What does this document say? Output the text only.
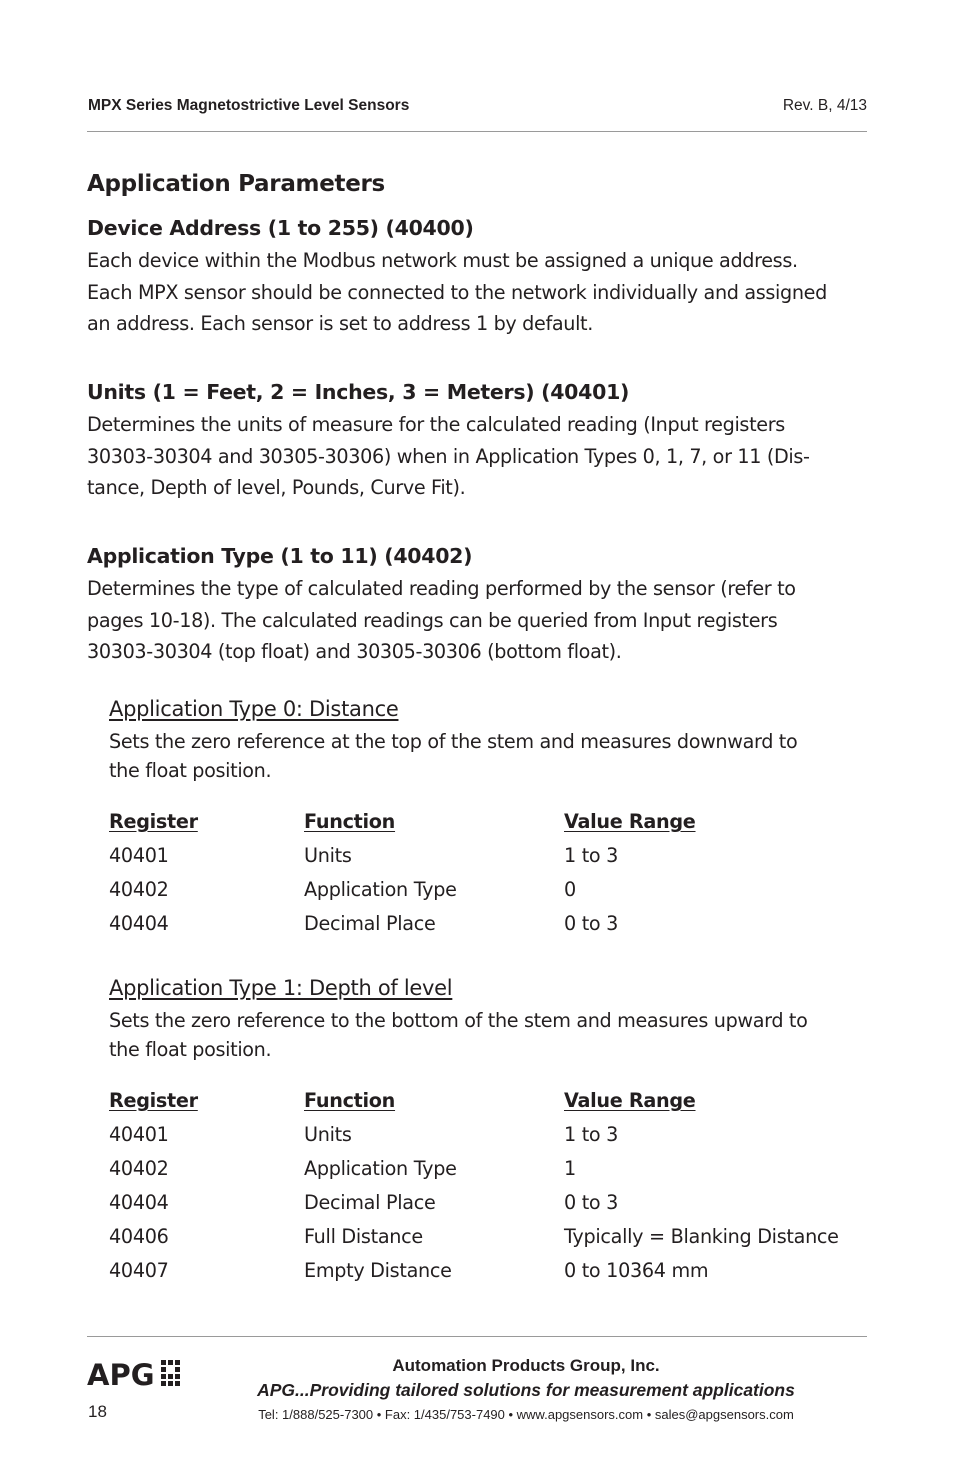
MPX Series Magnetostrictive Level Sensors	Rev. B, 4/13
Application Parameters
Device Address (1 to 255) (40400)

Each device within the Modbus network must be assigned a unique address.

Each MPX sensor should be connected to the network individually and assigned

an address. Each sensor is set to address 1 by default.

Units (1 = Feet, 2 = Inches, 3 = Meters) (40401)

Determines the units of measure for the calculated reading (Input registers

30303-30304 and 30305-30306) when in Application Types 0, 1, 7, or 11 (Dis-

tance, Depth of level, Pounds, Curve Fit).

Application Type (1 to 11) (40402)

Determines the type of calculated reading performed by the sensor (refer to

pages 10-18). The calculated readings can be queried from Input registers

30303-30304 (top float) and 30305-30306 (bottom float).

Application Type 0: Distance

Sets the zero reference at the top of the stem and measures downward to

the float position.

Register	Function	Value Range
40401	Units	1 to 3
40402	Application Type	0
40404	Decimal Place	0 to 3
Application Type 1: Depth of level

Sets the zero reference to the bottom of the stem and measures upward to

the float position.

Register	Function	Value Range
40401	Units	1 to 3
40402	Application Type	1
40404	Decimal Place	0 to 3
40406	Full Distance	Typically = Blanking Distance
40407	Empty Distance	0 to 10364 mm
APG
18
Automation Products Group, Inc.
APG...Providing tailored solutions for measurement applications
Tel: 1/888/525-7300 • Fax: 1/435/753-7490 • www.apgsensors.com • sales@apgsensors.com
